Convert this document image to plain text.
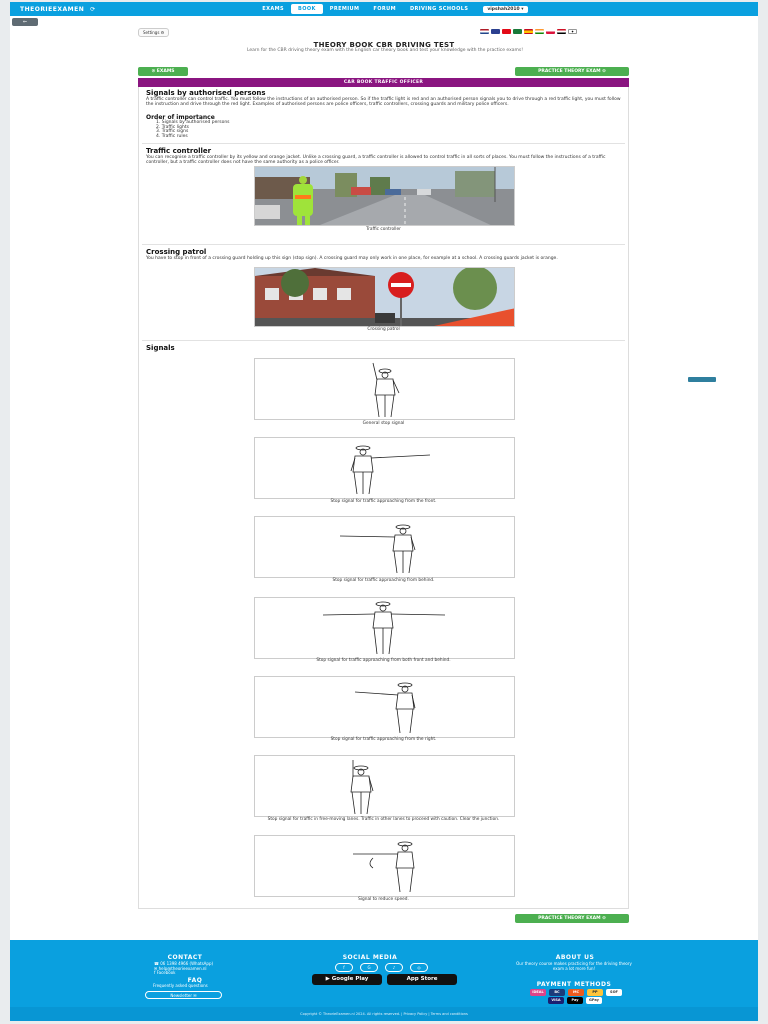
THEORIEEXAMEN ⟳	EXAMS	BOOK	PREMIUM	FORUM	DRIVING SCHOOLS	vipshah2010 ▾
⇐
Settings ⚙	✦
THEORY BOOK CBR DRIVING TEST
Learn for the CBR driving theory exam with the English car theory book and test your knowledge with the practice exams!
⊙ EXAMS	PRACTICE THEORY EXAM ⊙
CAR BOOK TRAFFIC OFFICER
Signals by authorised persons
A traffic controller can control traffic. You must follow the instructions of an authorised person. So if the traffic light is red and an authorised person signals you to drive through a red traffic light, you must follow the instruction and drive through the red light. Examples of authorised persons are police officers, traffic controllers, crossing guards and military police officers.
Order of importance
1. Signals by authorised persons
2. Traffic lights
3. Traffic signs
4. Traffic rules
Traffic controller
You can recognise a traffic controller by its yellow and orange jacket. Unlike a crossing guard, a traffic controller is allowed to control traffic in all sorts of places. You must follow the instructions of a traffic controller, but a traffic controller does not have the same authority as a police officer.
Traffic controller
Crossing patrol
You have to stop in front of a crossing guard holding up this sign (stop sign). A crossing guard may only work in one place, for example at a school. A crossing guards jacket is orange.
Crossing patrol
Signals
General stop signal
Stop signal for traffic approaching from the front.
Stop signal for traffic approaching from behind.
Stop signal for traffic approaching from both front and behind.
Stop signal for traffic approaching from the right.
Stop signal for traffic in free-moving lanes. Traffic in other lanes to proceed with caution. Clear the junction.
Signal to reduce speed.
PRACTICE THEORY EXAM ⊙
CONTACT
☎ 06 1398 4966 (WhatsApp)
✉ help@theorieexamen.nl
f Facebook
FAQ
Frequently asked questions
Newsletter ✉
SOCIAL MEDIA
f	G	♪	◎
▶ Google Play	App Store
ABOUT US
Our theory course makes practicing for the driving theory exam a lot more fun!
PAYMENT METHODS
iDEAL	BC	MC	PP	SOF
VISA	Pay	GPay
Copyright © TheorieExamen.nl 2024. All rights reserved. | Privacy Policy | Terms and conditions
